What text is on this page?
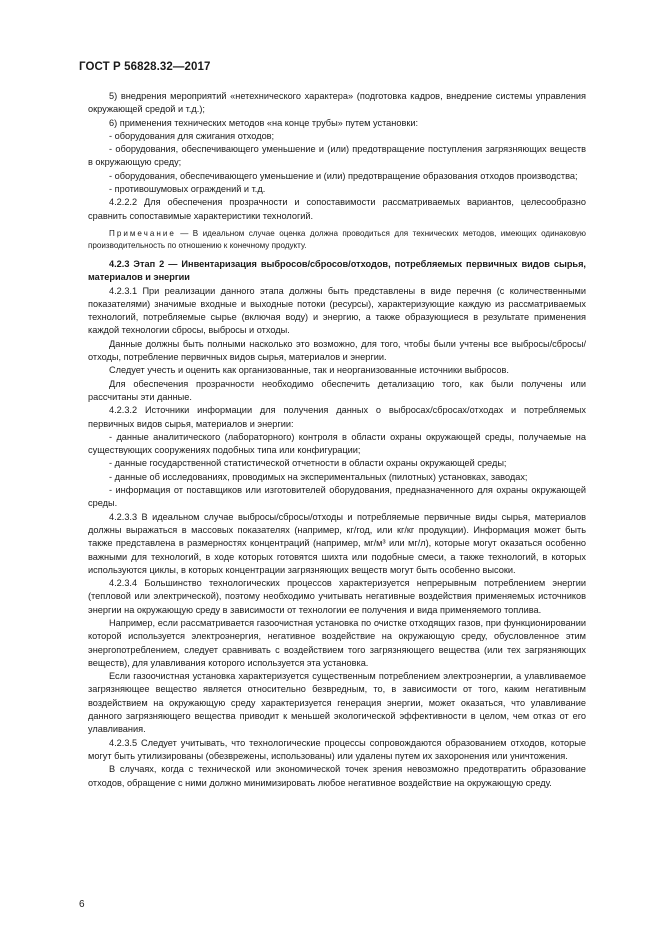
ГОСТ Р 56828.32—2017

5) внедрения мероприятий «нетехнического характера» (подготовка кадров, внедрение системы управления окружающей средой и т.д.);

6) применения технических методов «на конце трубы» путем установки:

- оборудования для сжигания отходов;

- оборудования, обеспечивающего уменьшение и (или) предотвращение поступления загрязняющих веществ в окружающую среду;

- оборудования, обеспечивающего уменьшение и (или) предотвращение образования отходов производства;

- противошумовых ограждений и т.д.

4.2.2.2 Для обеспечения прозрачности и сопоставимости рассматриваемых вариантов, целесообразно сравнить сопоставимые характеристики технологий.

Примечание — В идеальном случае оценка должна проводиться для технических методов, имеющих одинаковую производительность по отношению к конечному продукту.

4.2.3 Этап 2 — Инвентаризация выбросов/сбросов/отходов, потребляемых первичных видов сырья, материалов и энергии

4.2.3.1 При реализации данного этапа должны быть представлены в виде перечня (с количественными показателями) значимые входные и выходные потоки (ресурсы), характеризующие каждую из рассматриваемых технологий, потребляемые сырье (включая воду) и энергию, а также образующиеся в результате применения каждой технологии сбросы, выбросы и отходы.

Данные должны быть полными насколько это возможно, для того, чтобы были учтены все выбросы/сбросы/отходы, потребление первичных видов сырья, материалов и энергии.

Следует учесть и оценить как организованные, так и неорганизованные источники выбросов.

Для обеспечения прозрачности необходимо обеспечить детализацию того, как были получены или рассчитаны эти данные.

4.2.3.2 Источники информации для получения данных о выбросах/сбросах/отходах и потребляемых первичных видов сырья, материалов и энергии:

- данные аналитического (лабораторного) контроля в области охраны окружающей среды, получаемые на существующих сооружениях подобных типа или конфигурации;

- данные государственной статистической отчетности в области охраны окружающей среды;

- данные об исследованиях, проводимых на экспериментальных (пилотных) установках, заводах;

- информация от поставщиков или изготовителей оборудования, предназначенного для охраны окружающей среды.

4.2.3.3 В идеальном случае выбросы/сбросы/отходы и потребляемые первичные виды сырья, материалов должны выражаться в массовых показателях (например, кг/год, или кг/кг продукции). Информация может быть также представлена в размерностях концентраций (например, мг/м³ или мг/л), которые могут оказаться особенно важными для технологий, в ходе которых готовятся шихта или подобные смеси, а также технологий, в которых используются циклы, в которых концентрации загрязняющих веществ могут быть особенно высоки.

4.2.3.4 Большинство технологических процессов характеризуется непрерывным потреблением энергии (тепловой или электрической), поэтому необходимо учитывать негативные воздействия применяемых источников энергии на окружающую среду в зависимости от технологии ее получения и вида применяемого топлива.

Например, если рассматривается газоочистная установка по очистке отходящих газов, при функционировании которой используется электроэнергия, негативное воздействие на окружающую среду, обусловленное этим энергопотреблением, следует сравнивать с воздействием того загрязняющего вещества (или тех загрязняющих веществ), для улавливания которого используется эта установка.

Если газоочистная установка характеризуется существенным потреблением электроэнергии, а улавливаемое загрязняющее вещество является относительно безвредным, то, в зависимости от того, каким негативным воздействием на окружающую среду характеризуется генерация энергии, может оказаться, что улавливание данного загрязняющего вещества приводит к меньшей экологической эффективности в целом, чем отказ от его улавливания.

4.2.3.5 Следует учитывать, что технологические процессы сопровождаются образованием отходов, которые могут быть утилизированы (обезврежены, использованы) или удалены путем их захоронения или уничтожения.

В случаях, когда с технической или экономической точек зрения невозможно предотвратить образование отходов, обращение с ними должно минимизировать любое негативное воздействие на окружающую среду.

6
